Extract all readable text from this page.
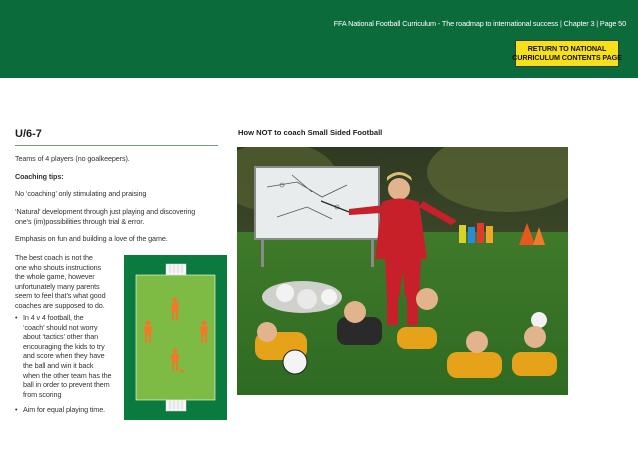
FFA National Football Curriculum - The roadmap to international success | Chapter 3 | Page 50
RETURN TO NATIONAL
CURRICULUM CONTENTS PAGE
U/6-7	How NOT to coach Small Sided Football
Teams of 4 players (no goalkeepers).
Coaching tips:
No ‘coaching’ only stimulating and praising
‘Natural’ development through just playing and discovering
one’s (im)possibilities through trial & error.
Emphasis on fun and building a love of the game.
The best coach is not the
one who shouts instructions
the whole game, however
unfortunately many parents
seem to feel that’s what good
coaches are supposed to do.
• In 4 v 4 football, the
‘coach’ should not worry
about ‘tactics’ other than
encouraging the kids to try
and score when they have
the ball and win it back
when the other team has the
ball in order to prevent them
from scoring
• Aim for equal playing time.
